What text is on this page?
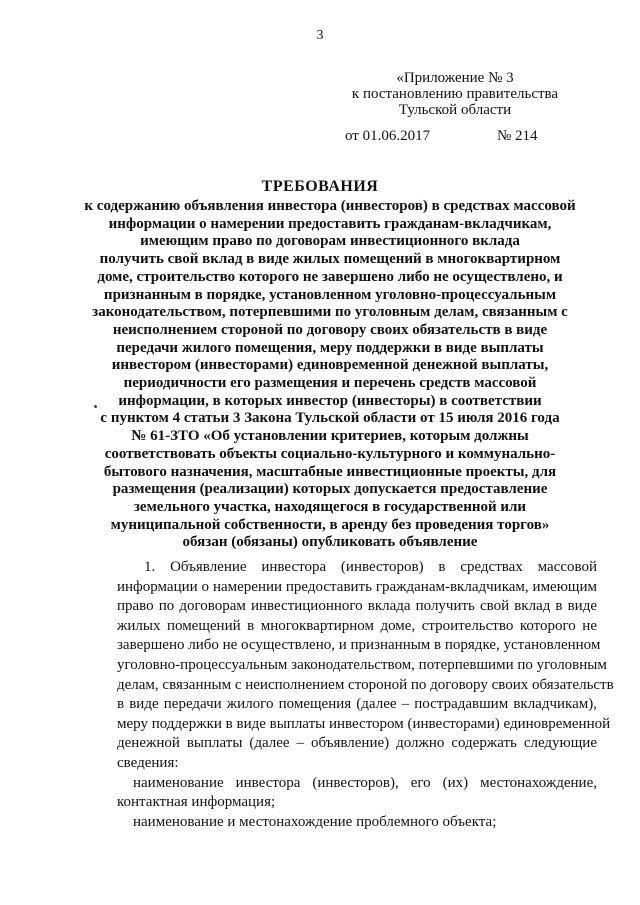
3
«Приложение № 3
к постановлению правительства
Тульской области
от 01.06.2017	№ 214
ТРЕБОВАНИЯ
к содержанию объявления инвестора (инвесторов) в средствах массовой
информации о намерении предоставить гражданам-вкладчикам,
имеющим право по договорам инвестиционного вклада
получить свой вклад в виде жилых помещений в многоквартирном
доме, строительство которого не завершено либо не осуществлено, и
признанным в порядке, установленном уголовно-процессуальным
законодательством, потерпевшими по уголовным делам, связанным с
неисполнением стороной по договору своих обязательств в виде
передачи жилого помещения, меру поддержки в виде выплаты
инвестором (инвесторами) единовременной денежной выплаты,
периодичности его размещения и перечень средств массовой
информации, в которых инвестор (инвесторы) в соответствии
с пунктом 4 статьи 3 Закона Тульской области от 15 июля 2016 года
№ 61-ЗТО «Об установлении критериев, которым должны
соответствовать объекты социально-культурного и коммунально-
бытового назначения, масштабные инвестиционные проекты, для
размещения (реализации) которых допускается предоставление
земельного участка, находящегося в государственной или
муниципальной собственности, в аренду без проведения торгов»
обязан (обязаны) опубликовать объявление
1. Объявление инвестора (инвесторов) в средствах массовой
информации о намерении предоставить гражданам-вкладчикам, имеющим
право по договорам инвестиционного вклада получить свой вклад в виде
жилых помещений в многоквартирном доме, строительство которого не
завершено либо не осуществлено, и признанным в порядке, установленном
уголовно-процессуальным законодательством, потерпевшими по уголовным
делам, связанным с неисполнением стороной по договору своих обязательств
в виде передачи жилого помещения (далее – пострадавшим вкладчикам),
меру поддержки в виде выплаты инвестором (инвесторами) единовременной
денежной выплаты (далее – объявление) должно содержать следующие
сведения:
наименование инвестора (инвесторов), его (их) местонахождение,
контактная информация;
наименование и местонахождение проблемного объекта;
